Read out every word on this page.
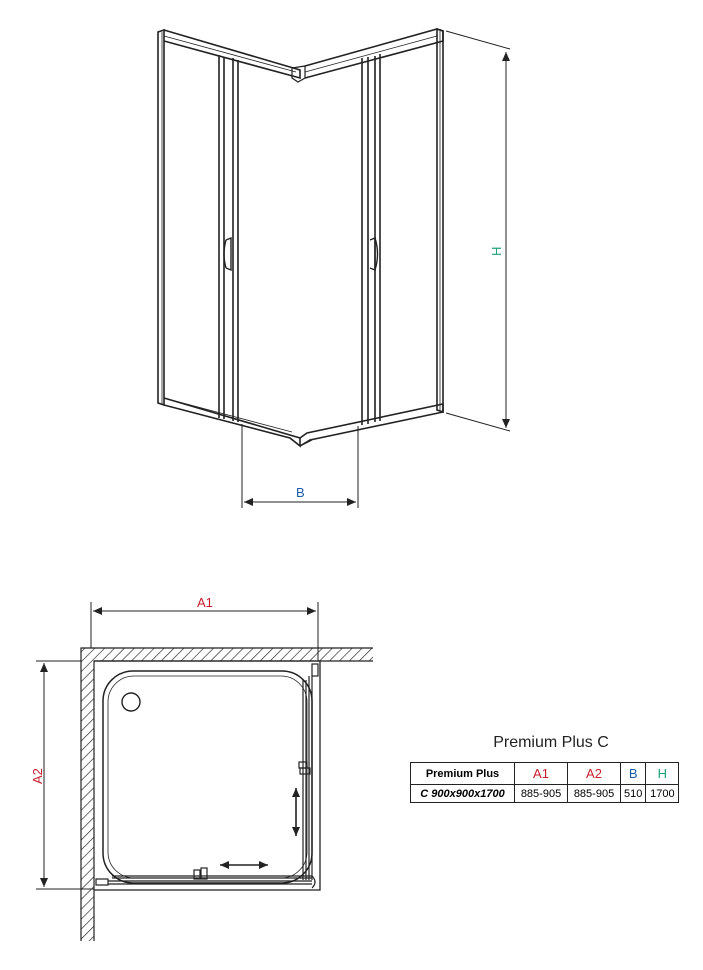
H
B
A1
A2
Premium Plus C
Premium Plus	A1	A2	B	H
C 900x900x1700	885-905	885-905	510	1700
